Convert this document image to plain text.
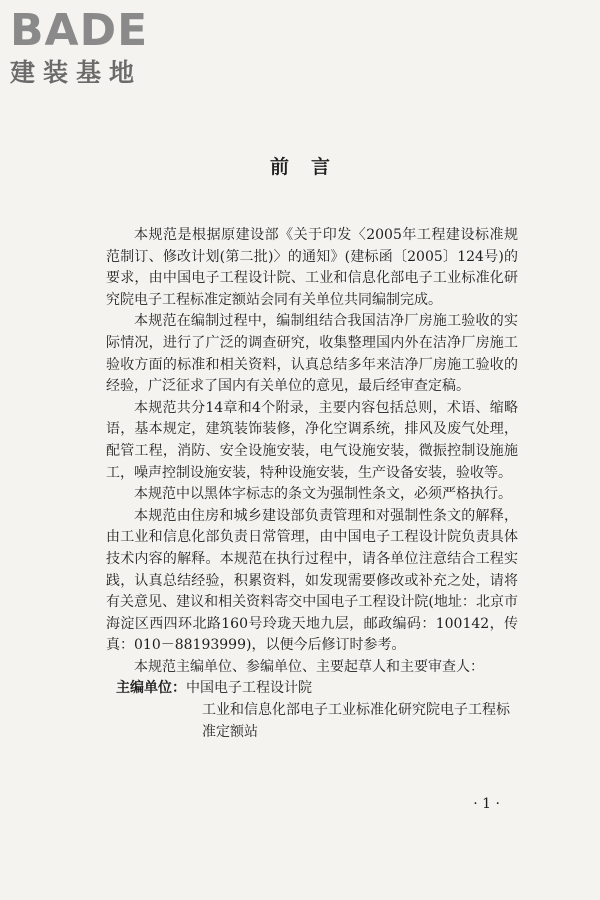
BADE
建装基地
前言

本规范是根据原建设部《关于印发〈2005年工程建设标准规范制订、修改计划(第二批)〉的通知》(建标函〔2005〕124号)的要求，由中国电子工程设计院、工业和信息化部电子工业标准化研究院电子工程标准定额站会同有关单位共同编制完成。

本规范在编制过程中，编制组结合我国洁净厂房施工验收的实际情况，进行了广泛的调查研究，收集整理国内外在洁净厂房施工验收方面的标准和相关资料，认真总结多年来洁净厂房施工验收的经验，广泛征求了国内有关单位的意见，最后经审查定稿。

本规范共分14章和4个附录，主要内容包括总则，术语、缩略语，基本规定，建筑装饰装修，净化空调系统，排风及废气处理，配管工程，消防、安全设施安装，电气设施安装，微振控制设施施工，噪声控制设施安装，特种设施安装，生产设备安装，验收等。

本规范中以黑体字标志的条文为强制性条文，必须严格执行。

本规范由住房和城乡建设部负责管理和对强制性条文的解释，由工业和信息化部负责日常管理，由中国电子工程设计院负责具体技术内容的解释。本规范在执行过程中，请各单位注意结合工程实践，认真总结经验，积累资料，如发现需要修改或补充之处，请将有关意见、建议和相关资料寄交中国电子工程设计院(地址：北京市海淀区西四环北路160号玲珑天地九层，邮政编码：100142，传真：010－88193999)，以便今后修订时参考。

本规范主编单位、参编单位、主要起草人和主要审查人：

主编单位：中国电子工程设计院

工业和信息化部电子工业标准化研究院电子工程标准定额站

· 1 ·
